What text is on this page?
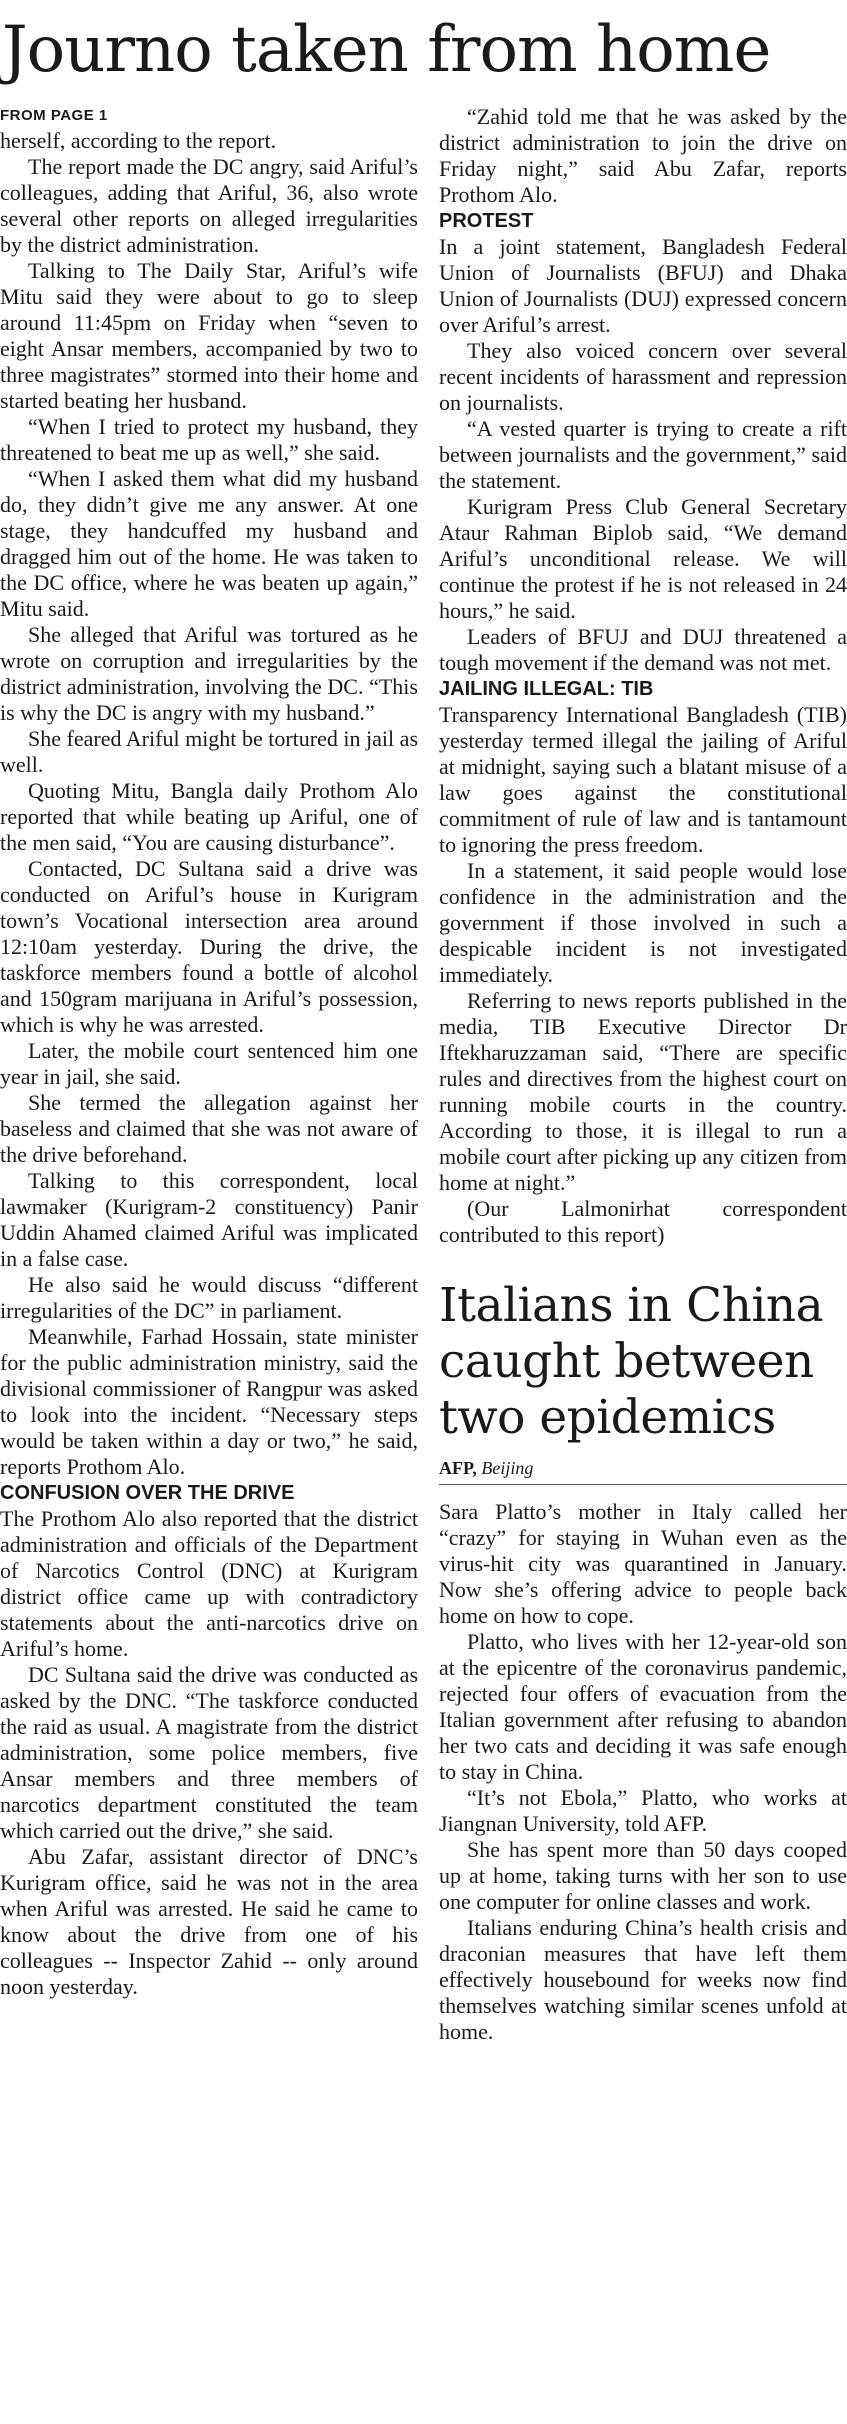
Journo taken from home
FROM PAGE 1

herself, according to the report.

The report made the DC angry, said Ariful’s colleagues, adding that Ariful, 36, also wrote several other reports on alleged irregularities by the district administration.

Talking to The Daily Star, Ariful’s wife Mitu said they were about to go to sleep around 11:45pm on Friday when “seven to eight Ansar members, accompanied by two to three magistrates” stormed into their home and started beating her husband.

“When I tried to protect my husband, they threatened to beat me up as well,” she said.

“When I asked them what did my husband do, they didn’t give me any answer. At one stage, they handcuffed my husband and dragged him out of the home. He was taken to the DC office, where he was beaten up again,” Mitu said.

She alleged that Ariful was tortured as he wrote on corruption and irregularities by the district administration, involving the DC. “This is why the DC is angry with my husband.”

She feared Ariful might be tortured in jail as well.

Quoting Mitu, Bangla daily Prothom Alo reported that while beating up Ariful, one of the men said, “You are causing disturbance”.

Contacted, DC Sultana said a drive was conducted on Ariful’s house in Kurigram town’s Vocational intersection area around 12:10am yesterday. During the drive, the taskforce members found a bottle of alcohol and 150gram marijuana in Ariful’s possession, which is why he was arrested.

Later, the mobile court sentenced him one year in jail, she said.

She termed the allegation against her baseless and claimed that she was not aware of the drive beforehand.

Talking to this correspondent, local lawmaker (Kurigram-2 constituency) Panir Uddin Ahamed claimed Ariful was implicated in a false case.

He also said he would discuss “different irregularities of the DC” in parliament.

Meanwhile, Farhad Hossain, state minister for the public administration ministry, said the divisional commissioner of Rangpur was asked to look into the incident. “Necessary steps would be taken within a day or two,” he said, reports Prothom Alo.

CONFUSION OVER THE DRIVE

The Prothom Alo also reported that the district administration and officials of the Department of Narcotics Control (DNC) at Kurigram district office came up with contradictory statements about the anti-narcotics drive on Ariful’s home.

DC Sultana said the drive was conducted as asked by the DNC. “The taskforce conducted the raid as usual. A magistrate from the district administration, some police members, five Ansar members and three members of narcotics department constituted the team which carried out the drive,” she said.

Abu Zafar, assistant director of DNC’s Kurigram office, said he was not in the area when Ariful was arrested. He said he came to know about the drive from one of his colleagues -- Inspector Zahid -- only around noon yesterday.

“Zahid told me that he was asked by the district administration to join the drive on Friday night,” said Abu Zafar, reports Prothom Alo.

PROTEST

In a joint statement, Bangladesh Federal Union of Journalists (BFUJ) and Dhaka Union of Journalists (DUJ) expressed concern over Ariful’s arrest.

They also voiced concern over several recent incidents of harassment and repression on journalists.

“A vested quarter is trying to create a rift between journalists and the government,” said the statement.

Kurigram Press Club General Secretary Ataur Rahman Biplob said, “We demand Ariful’s unconditional release. We will continue the protest if he is not released in 24 hours,” he said.

Leaders of BFUJ and DUJ threatened a tough movement if the demand was not met.

JAILING ILLEGAL: TIB

Transparency International Bangladesh (TIB) yesterday termed illegal the jailing of Ariful at midnight, saying such a blatant misuse of a law goes against the constitutional commitment of rule of law and is tantamount to ignoring the press freedom.

In a statement, it said people would lose confidence in the administration and the government if those involved in such a despicable incident is not investigated immediately.

Referring to news reports published in the media, TIB Executive Director Dr Iftekharuzzaman said, “There are specific rules and directives from the highest court on running mobile courts in the country. According to those, it is illegal to run a mobile court after picking up any citizen from home at night.”

(Our Lalmonirhat correspondent contributed to this report)

Italians in China caught between two epidemics
AFP, Beijing

Sara Platto’s mother in Italy called her “crazy” for staying in Wuhan even as the virus-hit city was quarantined in January. Now she’s offering advice to people back home on how to cope.

Platto, who lives with her 12-year-old son at the epicentre of the coronavirus pandemic, rejected four offers of evacuation from the Italian government after refusing to abandon her two cats and deciding it was safe enough to stay in China.

“It’s not Ebola,” Platto, who works at Jiangnan University, told AFP.

She has spent more than 50 days cooped up at home, taking turns with her son to use one computer for online classes and work.

Italians enduring China’s health crisis and draconian measures that have left them effectively housebound for weeks now find themselves watching similar scenes unfold at home.
